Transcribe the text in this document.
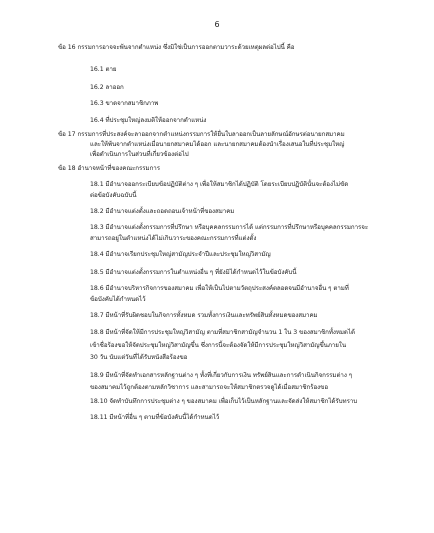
6
ข้อ 16 กรรมการอาจจะพ้นจากตำแหน่ง ซึ่งมิใช่เป็นการออกตามวาระด้วยเหตุผลต่อไปนี้ คือ
16.1 ตาย
16.2 ลาออก
16.3 ขาดจากสมาชิกภาพ
16.4 ที่ประชุมใหญ่ลงมติให้ออกจากตำแหน่ง
ข้อ 17 กรรมการที่ประสงค์จะลาออกจากตำแหน่งกรรมการให้ยื่นใบลาออกเป็นลายลักษณ์อักษรต่อนายกสมาคม
และให้พ้นจากตำแหน่งเมื่อนายกสมาคมได้ออก และนายกสมาคมต้องนำเรื่องเสนอในที่ประชุมใหญ่
เพื่อดำเนินการในส่วนที่เกี่ยวข้องต่อไป
ข้อ 18 อำนาจหน้าที่ของคณะกรรมการ
18.1 มีอำนาจออกระเบียบข้อปฏิบัติต่าง ๆ เพื่อให้สมาชิกได้ปฏิบัติ โดยระเบียบปฏิบัตินั้นจะต้องไม่ขัด
ต่อข้อบังคับฉบับนี้
18.2 มีอำนาจแต่งตั้งและถอดถอนเจ้าหน้าที่ของสมาคม
18.3 มีอำนาจแต่งตั้งกรรมการที่ปรึกษา หรือบุคคลกรรมการได้ แต่กรรมการที่ปรึกษาหรือบุคคลกรรมการจะ
สามารถอยู่ในตำแหน่งได้ไม่เกินวาระของคณะกรรมการที่แต่งตั้ง
18.4 มีอำนาจเรียกประชุมใหญ่สามัญประจำปีและประชุมใหญ่วิสามัญ
18.5 มีอำนาจแต่งตั้งกรรมการในตำแหน่งอื่น ๆ ที่ยังมิได้กำหนดไว้ในข้อบังคับนี้
18.6 มีอำนาจบริหารกิจการของสมาคม เพื่อให้เป็นไปตามวัตถุประสงค์ตลอดจนมีอำนาจอื่น ๆ ตามที่
ข้อบังคับได้กำหนดไว้
18.7 มีหน้าที่รับผิดชอบในกิจการทั้งหมด รวมทั้งการเงินและทรัพย์สินทั้งหมดของสมาคม
18.8 มีหน้าที่จัดให้มีการประชุมใหญ่วิสามัญ ตามที่สมาชิกสามัญจำนวน 1 ใน 3 ของสมาชิกทั้งหมดได้
เข้าชื่อร้องขอให้จัดประชุมใหญ่วิสามัญขึ้น ซึ่งการนี้จะต้องจัดให้มีการประชุมใหญ่วิสามัญขึ้นภายใน
30 วัน นับแต่วันที่ได้รับหนังสือร้องขอ
18.9 มีหน้าที่จัดทำเอกสารหลักฐานต่าง ๆ ทั้งที่เกี่ยวกับการเงิน ทรัพย์สินและการดำเนินกิจกรรมต่าง ๆ
ของสมาคมไว้ถูกต้องตามหลักวิชาการ และสามารถจะให้สมาชิกตรวจดูได้เมื่อสมาชิกร้องขอ
18.10 จัดทำบันทึกการประชุมต่าง ๆ ของสมาคม เพื่อเก็บไว้เป็นหลักฐานและจัดส่งให้สมาชิกได้รับทราบ
18.11 มีหน้าที่อื่น ๆ ตามที่ข้อบังคับนี้ได้กำหนดไว้
